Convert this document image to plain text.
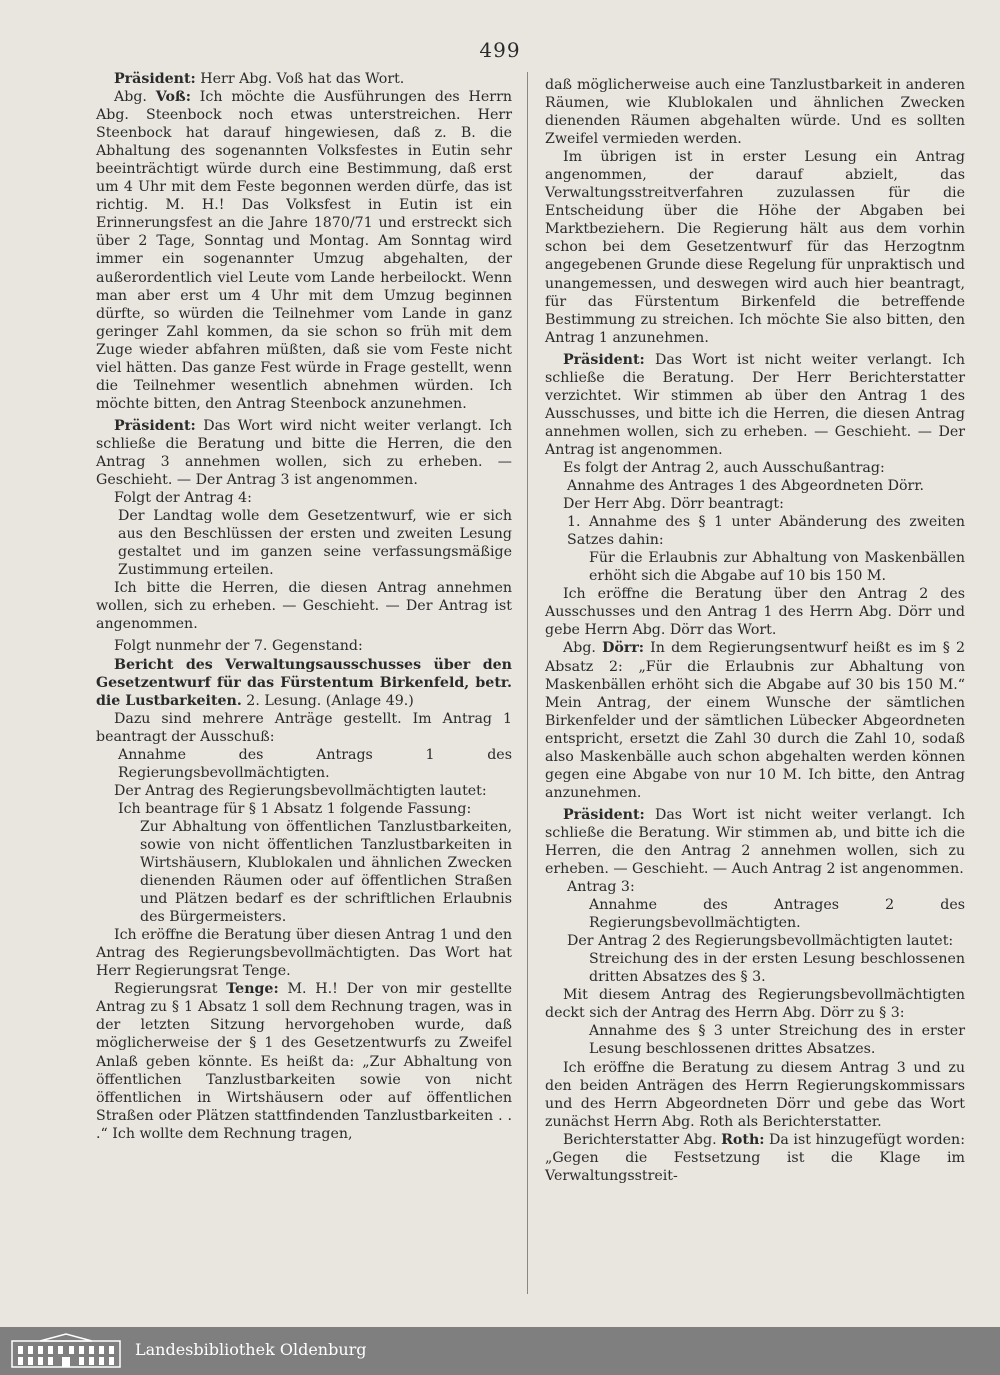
499

Präsident: Herr Abg. Voß hat das Wort.

Abg. Voß: Ich möchte die Ausführungen des Herrn Abg. Steenbock noch etwas unterstreichen. Herr Steenbock hat darauf hingewiesen, daß z. B. die Abhaltung des sogenannten Volksfestes in Eutin sehr beeinträchtigt würde durch eine Bestimmung, daß erst um 4 Uhr mit dem Feste begonnen werden dürfe, das ist richtig. M. H.! Das Volksfest in Eutin ist ein Erinnerungsfest an die Jahre 1870/71 und erstreckt sich über 2 Tage, Sonntag und Montag. Am Sonntag wird immer ein sogenannter Umzug abgehalten, der außerordentlich viel Leute vom Lande herbeilockt. Wenn man aber erst um 4 Uhr mit dem Umzug beginnen dürfte, so würden die Teilnehmer vom Lande in ganz geringer Zahl kommen, da sie schon so früh mit dem Zuge wieder abfahren müßten, daß sie vom Feste nicht viel hätten. Das ganze Fest würde in Frage gestellt, wenn die Teilnehmer wesentlich abnehmen würden. Ich möchte bitten, den Antrag Steenbock anzunehmen.

Präsident: Das Wort wird nicht weiter verlangt. Ich schließe die Beratung und bitte die Herren, die den Antrag 3 annehmen wollen, sich zu erheben. — Geschieht. — Der Antrag 3 ist angenommen.

Folgt der Antrag 4:

Der Landtag wolle dem Gesetzentwurf, wie er sich aus den Beschlüssen der ersten und zweiten Lesung gestaltet und im ganzen seine verfassungsmäßige Zustimmung erteilen.

Ich bitte die Herren, die diesen Antrag annehmen wollen, sich zu erheben. — Geschieht. — Der Antrag ist angenommen.

Folgt nunmehr der 7. Gegenstand:

Bericht des Verwaltungsausschusses über den Gesetzentwurf für das Fürstentum Birkenfeld, betr. die Lustbarkeiten. 2. Lesung. (Anlage 49.)

Dazu sind mehrere Anträge gestellt. Im Antrag 1 beantragt der Ausschuß:

Annahme des Antrags 1 des Regierungsbevollmächtigten.

Der Antrag des Regierungsbevollmächtigten lautet:

Ich beantrage für § 1 Absatz 1 folgende Fassung:

Zur Abhaltung von öffentlichen Tanzlustbarkeiten, sowie von nicht öffentlichen Tanzlustbarkeiten in Wirtshäusern, Klublokalen und ähnlichen Zwecken dienenden Räumen oder auf öffentlichen Straßen und Plätzen bedarf es der schriftlichen Erlaubnis des Bürgermeisters.

Ich eröffne die Beratung über diesen Antrag 1 und den Antrag des Regierungsbevollmächtigten. Das Wort hat Herr Regierungsrat Tenge.

Regierungsrat Tenge: M. H.! Der von mir gestellte Antrag zu § 1 Absatz 1 soll dem Rechnung tragen, was in der letzten Sitzung hervorgehoben wurde, daß möglicherweise der § 1 des Gesetzentwurfs zu Zweifel Anlaß geben könnte. Es heißt da: „Zur Abhaltung von öffentlichen Tanzlustbarkeiten sowie von nicht öffentlichen in Wirtshäusern oder auf öffentlichen Straßen oder Plätzen stattfindenden Tanzlustbarkeiten . . .“ Ich wollte dem Rechnung tragen,

daß möglicherweise auch eine Tanzlustbarkeit in anderen Räumen, wie Klublokalen und ähnlichen Zwecken dienenden Räumen abgehalten würde. Und es sollten Zweifel vermieden werden.

Im übrigen ist in erster Lesung ein Antrag angenommen, der darauf abzielt, das Verwaltungsstreitverfahren zuzulassen für die Entscheidung über die Höhe der Abgaben bei Marktbeziehern. Die Regierung hält aus dem vorhin schon bei dem Gesetzentwurf für das Herzogtnm angegebenen Grunde diese Regelung für unpraktisch und unangemessen, und deswegen wird auch hier beantragt, für das Fürstentum Birkenfeld die betreffende Bestimmung zu streichen. Ich möchte Sie also bitten, den Antrag 1 anzunehmen.

Präsident: Das Wort ist nicht weiter verlangt. Ich schließe die Beratung. Der Herr Berichterstatter verzichtet. Wir stimmen ab über den Antrag 1 des Ausschusses, und bitte ich die Herren, die diesen Antrag annehmen wollen, sich zu erheben. — Geschieht. — Der Antrag ist angenommen.

Es folgt der Antrag 2, auch Ausschußantrag:

Annahme des Antrages 1 des Abgeordneten Dörr.

Der Herr Abg. Dörr beantragt:

1. Annahme des § 1 unter Abänderung des zweiten Satzes dahin:

Für die Erlaubnis zur Abhaltung von Maskenbällen erhöht sich die Abgabe auf 10 bis 150 M.

Ich eröffne die Beratung über den Antrag 2 des Ausschusses und den Antrag 1 des Herrn Abg. Dörr und gebe Herrn Abg. Dörr das Wort.

Abg. Dörr: In dem Regierungsentwurf heißt es im § 2 Absatz 2: „Für die Erlaubnis zur Abhaltung von Maskenbällen erhöht sich die Abgabe auf 30 bis 150 M.“ Mein Antrag, der einem Wunsche der sämtlichen Birkenfelder und der sämtlichen Lübecker Abgeordneten entspricht, ersetzt die Zahl 30 durch die Zahl 10, sodaß also Maskenbälle auch schon abgehalten werden können gegen eine Abgabe von nur 10 M. Ich bitte, den Antrag anzunehmen.

Präsident: Das Wort ist nicht weiter verlangt. Ich schließe die Beratung. Wir stimmen ab, und bitte ich die Herren, die den Antrag 2 annehmen wollen, sich zu erheben. — Geschieht. — Auch Antrag 2 ist angenommen.

Antrag 3:

Annahme des Antrages 2 des Regierungsbevollmächtigten.

Der Antrag 2 des Regierungsbevollmächtigten lautet:

Streichung des in der ersten Lesung beschlossenen dritten Absatzes des § 3.

Mit diesem Antrag des Regierungsbevollmächtigten deckt sich der Antrag des Herrn Abg. Dörr zu § 3:

Annahme des § 3 unter Streichung des in erster Lesung beschlossenen drittes Absatzes.

Ich eröffne die Beratung zu diesem Antrag 3 und zu den beiden Anträgen des Herrn Regierungskommissars und des Herrn Abgeordneten Dörr und gebe das Wort zunächst Herrn Abg. Roth als Berichterstatter.

Berichterstatter Abg. Roth: Da ist hinzugefügt worden: „Gegen die Festsetzung ist die Klage im Verwaltungsstreit-

Landesbibliothek Oldenburg
